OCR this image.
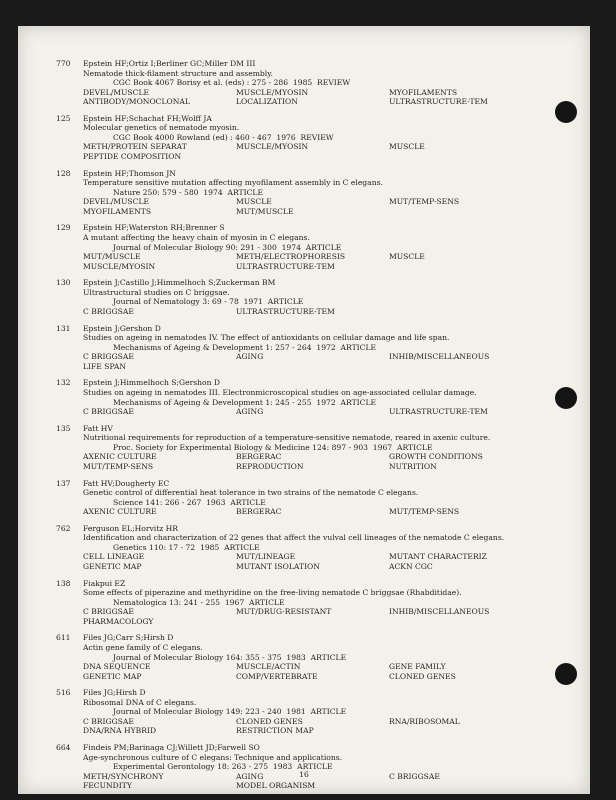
770	Epstein HF;Ortiz I;Berliner GC;Miller DM III
Nematode thick-filament structure and assembly.
CGC Book 4067 Borisy et al. (eds) : 275 - 286  1985  REVIEW
DEVEL/MUSCLE	MUSCLE/MYOSIN	MYOFILAMENTS
ANTIBODY/MONOCLONAL	LOCALIZATION	ULTRASTRUCTURE-TEM
125	Epstein HF;Schachat FH;Wolff JA
Molecular genetics of nematode myosin.
CGC Book 4000 Rowland (ed) : 460 - 467  1976  REVIEW
METH/PROTEIN SEPARAT	MUSCLE/MYOSIN	MUSCLE
PEPTIDE COMPOSITION
128	Epstein HF;Thomson JN
Temperature sensitive mutation affecting myofilament assembly in C elegans.
Nature 250: 579 - 580  1974  ARTICLE
DEVEL/MUSCLE	MUSCLE	MUT/TEMP-SENS
MYOFILAMENTS	MUT/MUSCLE
129	Epstein HF;Waterston RH;Brenner S
A mutant affecting the heavy chain of myosin in C elegans.
Journal of Molecular Biology 90: 291 - 300  1974  ARTICLE
MUT/MUSCLE	METH/ELECTROPHORESIS	MUSCLE
MUSCLE/MYOSIN	ULTRASTRUCTURE-TEM
130	Epstein J;Castillo J;Himmelhoch S;Zuckerman BM
Ultrastructural studies on C briggsae.
Journal of Nematology 3: 69 - 78  1971  ARTICLE
C BRIGGSAE	ULTRASTRUCTURE-TEM
131	Epstein J;Gershon D
Studies on ageing in nematodes IV. The effect of antioxidants on cellular damage and life span.
Mechanisms of Ageing & Development 1: 257 - 264  1972  ARTICLE
C BRIGGSAE	AGING	INHIB/MISCELLANEOUS
LIFE SPAN
132	Epstein J;Himmelhoch S;Gershon D
Studies on ageing in nematodes III. Electronmicroscopical studies on age-associated cellular damage.
Mechanisms of Ageing & Development 1: 245 - 255  1972  ARTICLE
C BRIGGSAE	AGING	ULTRASTRUCTURE-TEM
135	Fatt HV
Nutritional requirements for reproduction of a temperature-sensitive nematode, reared in axenic culture.
Proc. Society for Experimental Biology & Medicine 124: 897 - 903  1967  ARTICLE
AXENIC CULTURE	BERGERAC	GROWTH CONDITIONS
MUT/TEMP-SENS	REPRODUCTION	NUTRITION
137	Fatt HV;Dougherty EC
Genetic control of differential heat tolerance in two strains of the nematode C elegans.
Science 141: 266 - 267  1963  ARTICLE
AXENIC CULTURE	BERGERAC	MUT/TEMP-SENS
762	Ferguson EL;Horvitz HR
Identification and characterization of 22 genes that affect the vulval cell lineages of the nematode C elegans.
Genetics 110: 17 - 72  1985  ARTICLE
CELL LINEAGE	MUT/LINEAGE	MUTANT CHARACTERIZ
GENETIC MAP	MUTANT ISOLATION	ACKN CGC
138	Fiakpui EZ
Some effects of piperazine and methyridine on the free-living nematode C briggsae (Rhabditidae).
Nematologica 13: 241 - 255  1967  ARTICLE
C BRIGGSAE	MUT/DRUG-RESISTANT	INHIB/MISCELLANEOUS
PHARMACOLOGY
611	Files JG;Carr S;Hirsh D
Actin gene family of C elegans.
Journal of Molecular Biology 164: 355 - 375  1983  ARTICLE
DNA SEQUENCE	MUSCLE/ACTIN	GENE FAMILY
GENETIC MAP	COMP/VERTEBRATE	CLONED GENES
516	Files JG;Hirsh D
Ribosomal DNA of C elegans.
Journal of Molecular Biology 149: 223 - 240  1981  ARTICLE
C BRIGGSAE	CLONED GENES	RNA/RIBOSOMAL
DNA/RNA HYBRID	RESTRICTION MAP
664	Findeis PM;Barinaga CJ;Willett JD;Farwell SO
Age-synchronous culture of C elegans: Technique and applications.
Experimental Gerontology 18: 263 - 275  1983  ARTICLE
METH/SYNCHRONY	AGING	C BRIGGSAE
FECUNDITY	MODEL ORGANISM
16
